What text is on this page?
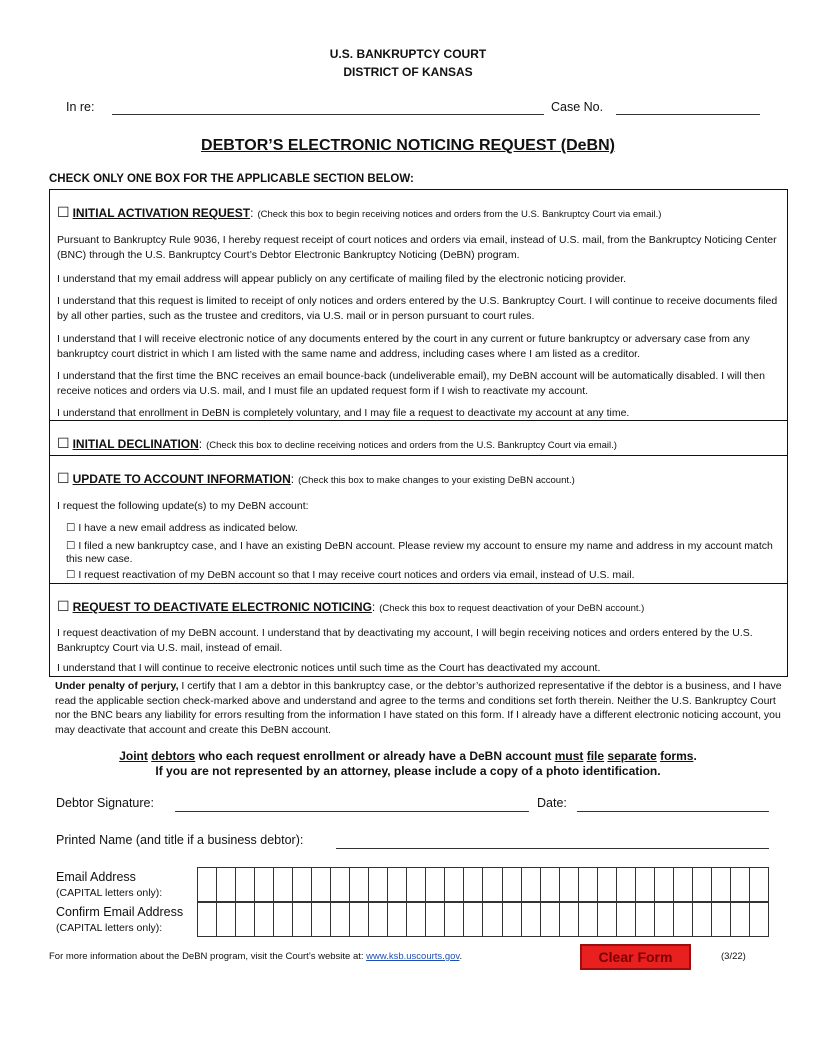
U.S. BANKRUPTCY COURT
DISTRICT OF KANSAS
In re:	Case No.
DEBTOR’S ELECTRONIC NOTICING REQUEST (DeBN)
CHECK ONLY ONE BOX FOR THE APPLICABLE SECTION BELOW:
☐ INITIAL ACTIVATION REQUEST: (Check this box to begin receiving notices and orders from the U.S. Bankruptcy Court via email.)
Pursuant to Bankruptcy Rule 9036, I hereby request receipt of court notices and orders via email, instead of U.S. mail, from the Bankruptcy Noticing Center (BNC) through the U.S. Bankruptcy Court’s Debtor Electronic Bankruptcy Noticing (DeBN) program.
I understand that my email address will appear publicly on any certificate of mailing filed by the electronic noticing provider.
I understand that this request is limited to receipt of only notices and orders entered by the U.S. Bankruptcy Court. I will continue to receive documents filed by all other parties, such as the trustee and creditors, via U.S. mail or in person pursuant to court rules.
I understand that I will receive electronic notice of any documents entered by the court in any current or future bankruptcy or adversary case from any bankruptcy court district in which I am listed with the same name and address, including cases where I am listed as a creditor.
I understand that the first time the BNC receives an email bounce-back (undeliverable email), my DeBN account will be automatically disabled. I will then receive notices and orders via U.S. mail, and I must file an updated request form if I wish to reactivate my account.
I understand that enrollment in DeBN is completely voluntary, and I may file a request to deactivate my account at any time.
☐ INITIAL DECLINATION: (Check this box to decline receiving notices and orders from the U.S. Bankruptcy Court via email.)
☐ UPDATE TO ACCOUNT INFORMATION: (Check this box to make changes to your existing DeBN account.)
I request the following update(s) to my DeBN account:
☐ I have a new email address as indicated below.
☐ I filed a new bankruptcy case, and I have an existing DeBN account. Please review my account to ensure my name and address in my account match this new case.
☐ I request reactivation of my DeBN account so that I may receive court notices and orders via email, instead of U.S. mail.
☐ REQUEST TO DEACTIVATE ELECTRONIC NOTICING: (Check this box to request deactivation of your DeBN account.)
I request deactivation of my DeBN account. I understand that by deactivating my account, I will begin receiving notices and orders entered by the U.S. Bankruptcy Court via U.S. mail, instead of email.
I understand that I will continue to receive electronic notices until such time as the Court has deactivated my account.
Under penalty of perjury, I certify that I am a debtor in this bankruptcy case, or the debtor’s authorized representative if the debtor is a business, and I have read the applicable section check-marked above and understand and agree to the terms and conditions set forth therein. Neither the U.S. Bankruptcy Court nor the BNC bears any liability for errors resulting from the information I have stated on this form. If I already have a different electronic noticing account, you may deactivate that account and create this DeBN account.
Joint debtors who each request enrollment or already have a DeBN account must file separate forms.
If you are not represented by an attorney, please include a copy of a photo identification.
Debtor Signature:	Date:
Printed Name (and title if a business debtor):
Email Address
(CAPITAL letters only):
Confirm Email Address
(CAPITAL letters only):
For more information about the DeBN program, visit the Court’s website at: www.ksb.uscourts.gov.	Clear Form	(3/22)
